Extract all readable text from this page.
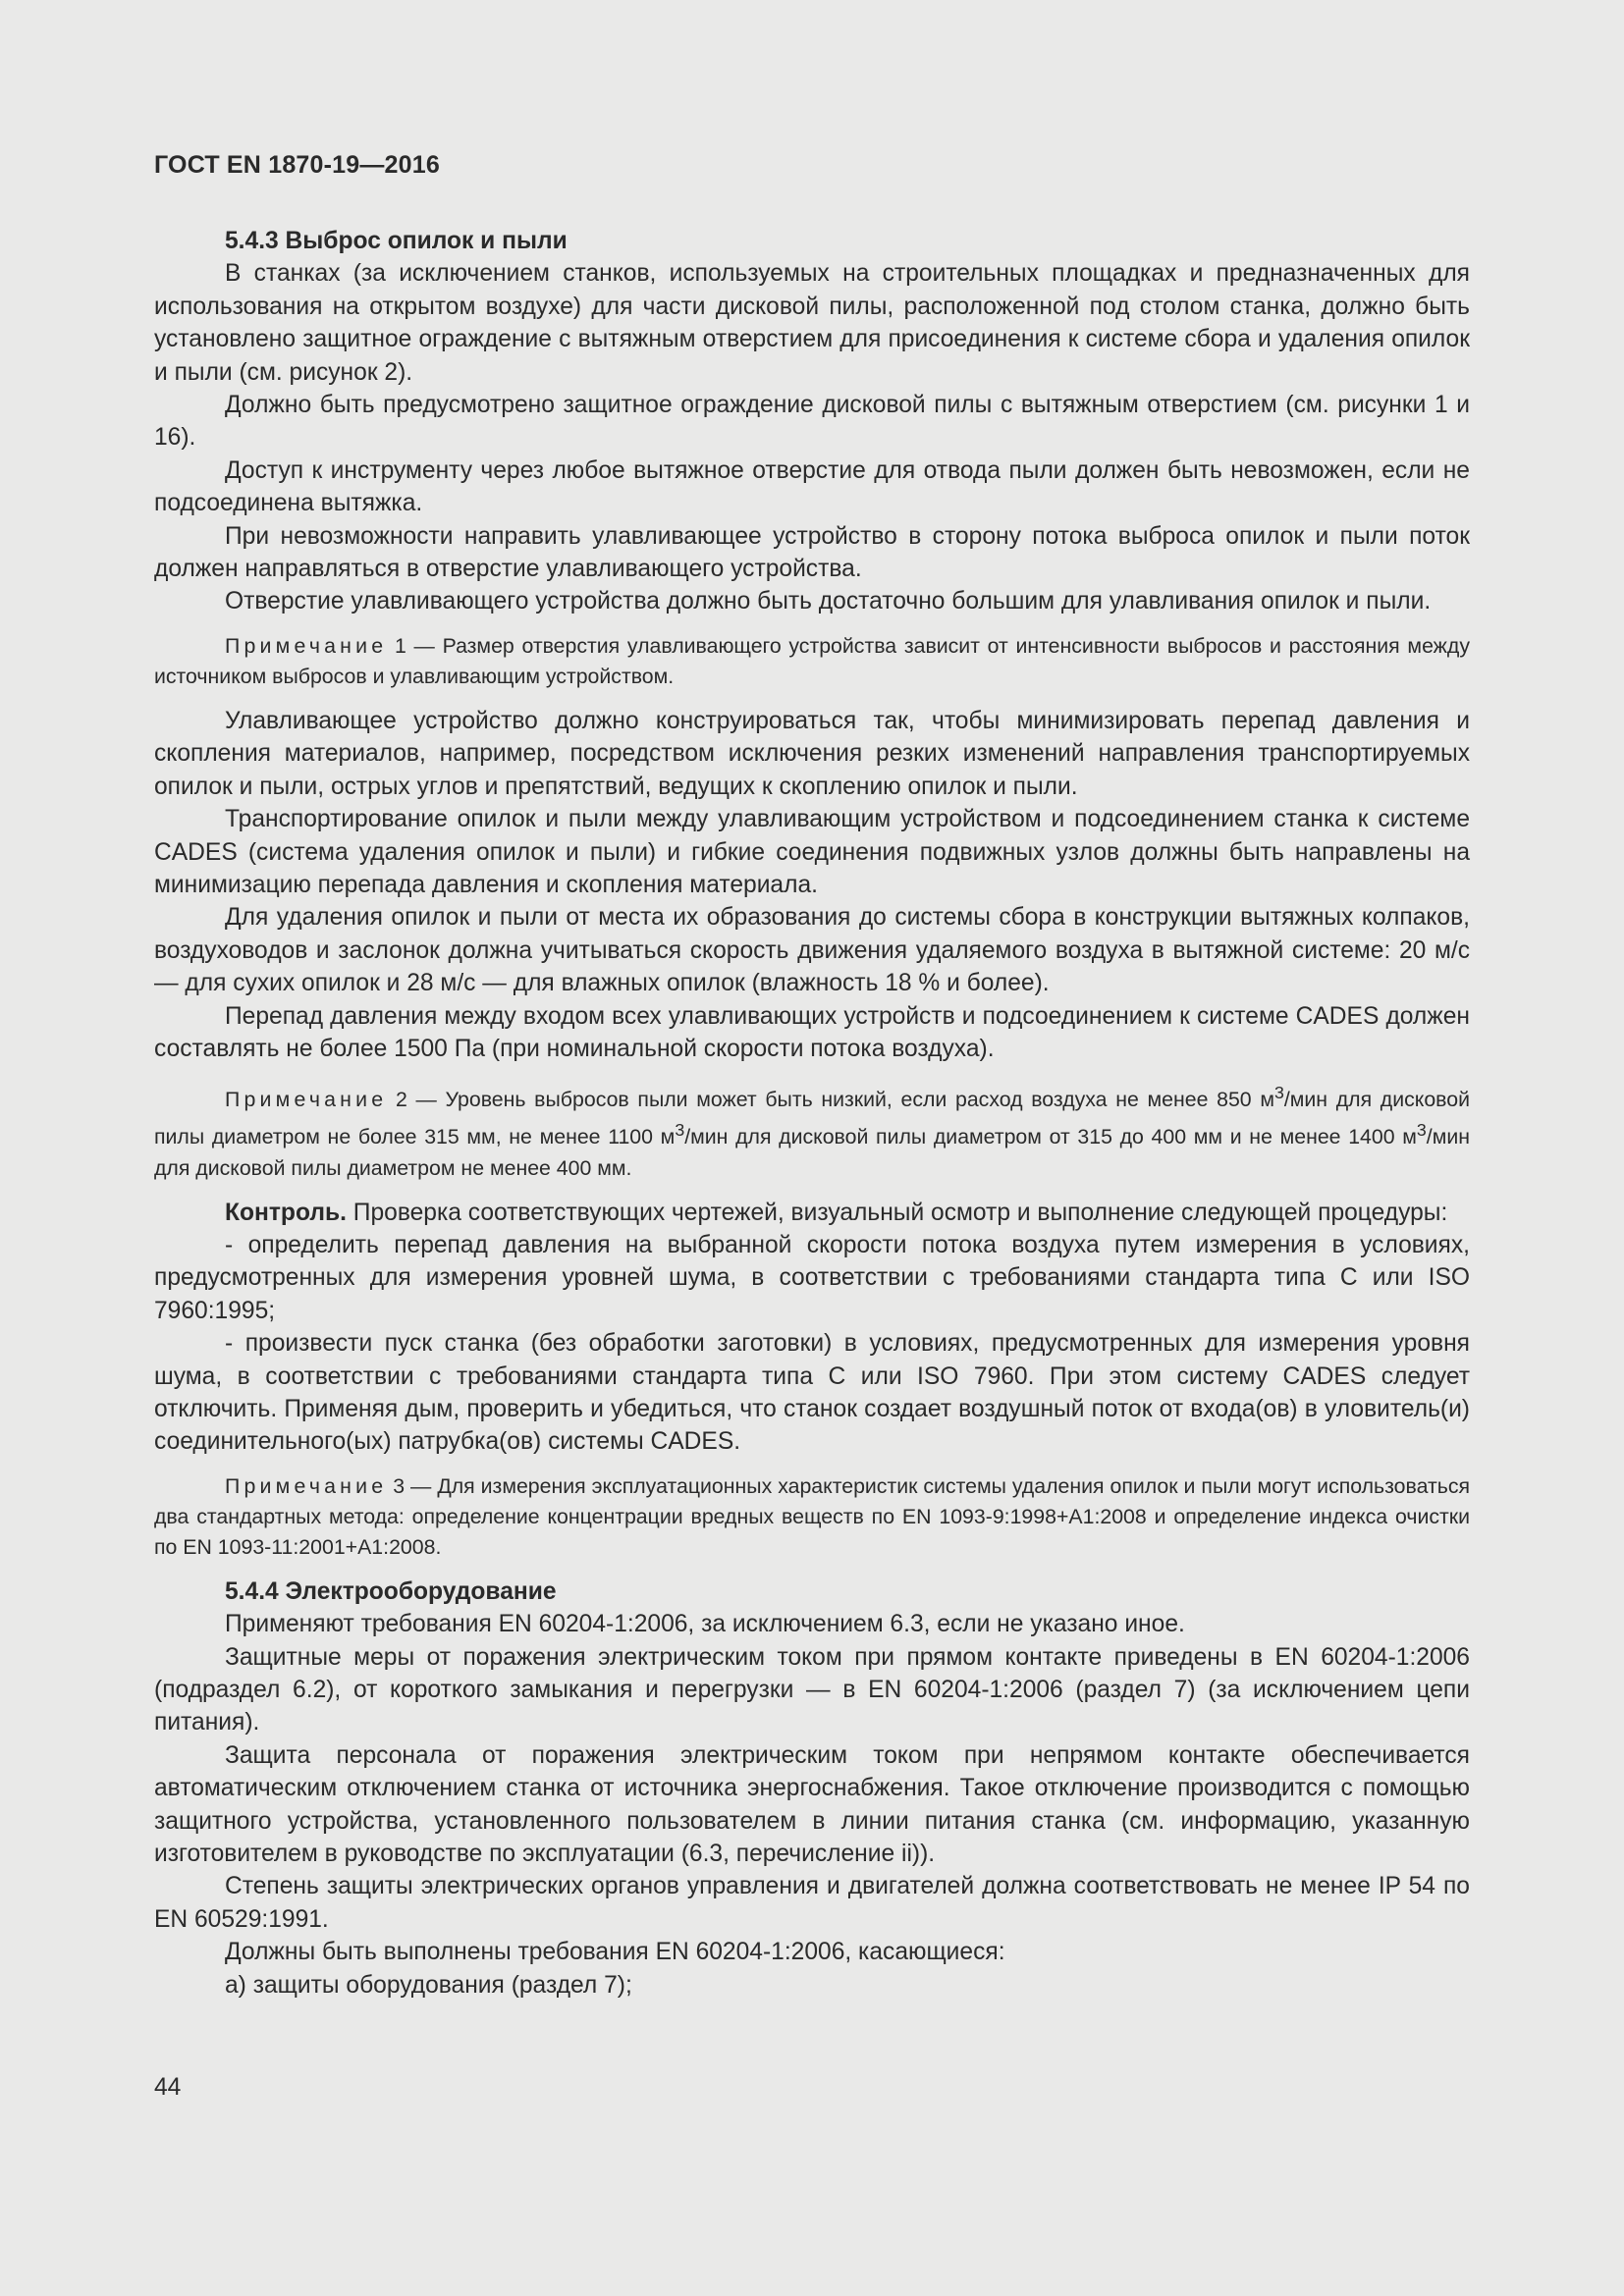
ГОСТ EN 1870-19—2016

5.4.3 Выброс опилок и пыли

В станках (за исключением станков, используемых на строительных площадках и предназначенных для использования на открытом воздухе) для части дисковой пилы, расположенной под столом станка, должно быть установлено защитное ограждение с вытяжным отверстием для присоединения к системе сбора и удаления опилок и пыли (см. рисунок 2).

Должно быть предусмотрено защитное ограждение дисковой пилы с вытяжным отверстием (см. рисунки 1 и 16).

Доступ к инструменту через любое вытяжное отверстие для отвода пыли должен быть невозможен, если не подсоединена вытяжка.

При невозможности направить улавливающее устройство в сторону потока выброса опилок и пыли поток должен направляться в отверстие улавливающего устройства.

Отверстие улавливающего устройства должно быть достаточно большим для улавливания опилок и пыли.

Примечание 1 — Размер отверстия улавливающего устройства зависит от интенсивности выбросов и расстояния между источником выбросов и улавливающим устройством.

Улавливающее устройство должно конструироваться так, чтобы минимизировать перепад давления и скопления материалов, например, посредством исключения резких изменений направления транспортируемых опилок и пыли, острых углов и препятствий, ведущих к скоплению опилок и пыли.

Транспортирование опилок и пыли между улавливающим устройством и подсоединением станка к системе CADES (система удаления опилок и пыли) и гибкие соединения подвижных узлов должны быть направлены на минимизацию перепада давления и скопления материала.

Для удаления опилок и пыли от места их образования до системы сбора в конструкции вытяжных колпаков, воздуховодов и заслонок должна учитываться скорость движения удаляемого воздуха в вытяжной системе: 20 м/с — для сухих опилок и 28 м/с — для влажных опилок (влажность 18 % и более).

Перепад давления между входом всех улавливающих устройств и подсоединением к системе CADES должен составлять не более 1500 Па (при номинальной скорости потока воздуха).

Примечание 2 — Уровень выбросов пыли может быть низкий, если расход воздуха не менее 850 $м^3$/мин для дисковой пилы диаметром не более 315 мм, не менее 1100 $м^3$/мин для дисковой пилы диаметром от 315 до 400 мм и не менее 1400 $м^3$/мин для дисковой пилы диаметром не менее 400 мм.

Контроль. Проверка соответствующих чертежей, визуальный осмотр и выполнение следующей процедуры:

- определить перепад давления на выбранной скорости потока воздуха путем измерения в условиях, предусмотренных для измерения уровней шума, в соответствии с требованиями стандарта типа С или ISO 7960:1995;

- произвести пуск станка (без обработки заготовки) в условиях, предусмотренных для измерения уровня шума, в соответствии с требованиями стандарта типа С или ISO 7960. При этом систему CADES следует отключить. Применяя дым, проверить и убедиться, что станок создает воздушный поток от входа(ов) в уловитель(и) соединительного(ых) патрубка(ов) системы CADES.

Примечание 3 — Для измерения эксплуатационных характеристик системы удаления опилок и пыли могут использоваться два стандартных метода: определение концентрации вредных веществ по EN 1093-9:1998+A1:2008 и определение индекса очистки по EN 1093-11:2001+A1:2008.

5.4.4 Электрооборудование

Применяют требования EN 60204-1:2006, за исключением 6.3, если не указано иное.

Защитные меры от поражения электрическим током при прямом контакте приведены в EN 60204-1:2006 (подраздел 6.2), от короткого замыкания и перегрузки — в EN 60204-1:2006 (раздел 7) (за исключением цепи питания).

Защита персонала от поражения электрическим током при непрямом контакте обеспечивается автоматическим отключением станка от источника энергоснабжения. Такое отключение производится с помощью защитного устройства, установленного пользователем в линии питания станка (см. информацию, указанную изготовителем в руководстве по эксплуатации (6.3, перечисление ii)).

Степень защиты электрических органов управления и двигателей должна соответствовать не менее IP 54 по EN 60529:1991.

Должны быть выполнены требования EN 60204-1:2006, касающиеся:

a) защиты оборудования (раздел 7);

44
